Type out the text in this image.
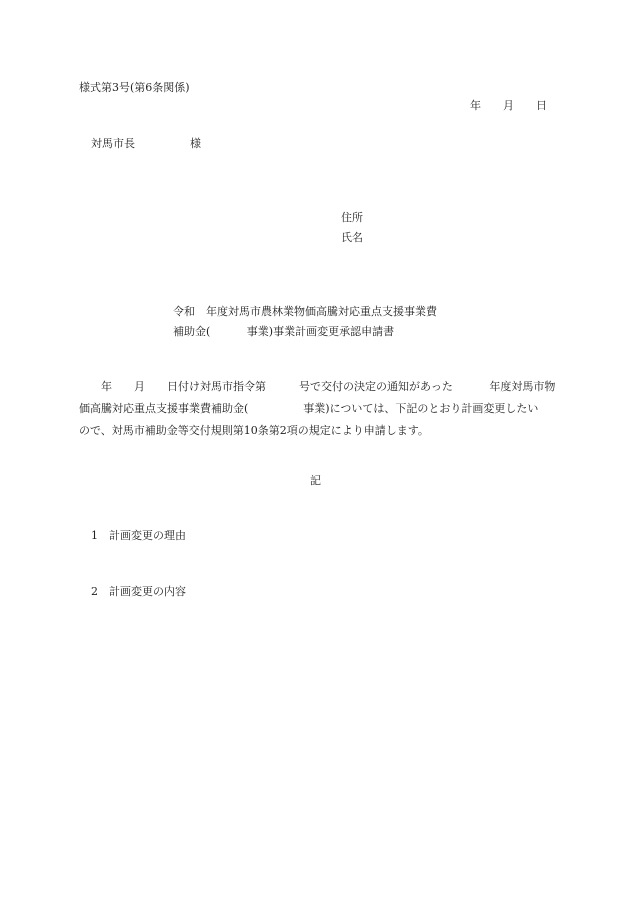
様式第3号(第6条関係)
年　　月　　日
対馬市長　　　　　様
住所
氏名
令和　年度対馬市農林業物価高騰対応重点支援事業費
補助金(　　　 事業)事業計画変更承認申請書
　　年　　月　　日付け対馬市指令第　　　号で交付の決定の通知があった　　　 年度対馬市物
価高騰対応重点支援事業費補助金(　　　　　事業)については、下記のとおり計画変更したい
ので、対馬市補助金等交付規則第10条第2項の規定により申請します。
記
1 計画変更の理由
2 計画変更の内容
